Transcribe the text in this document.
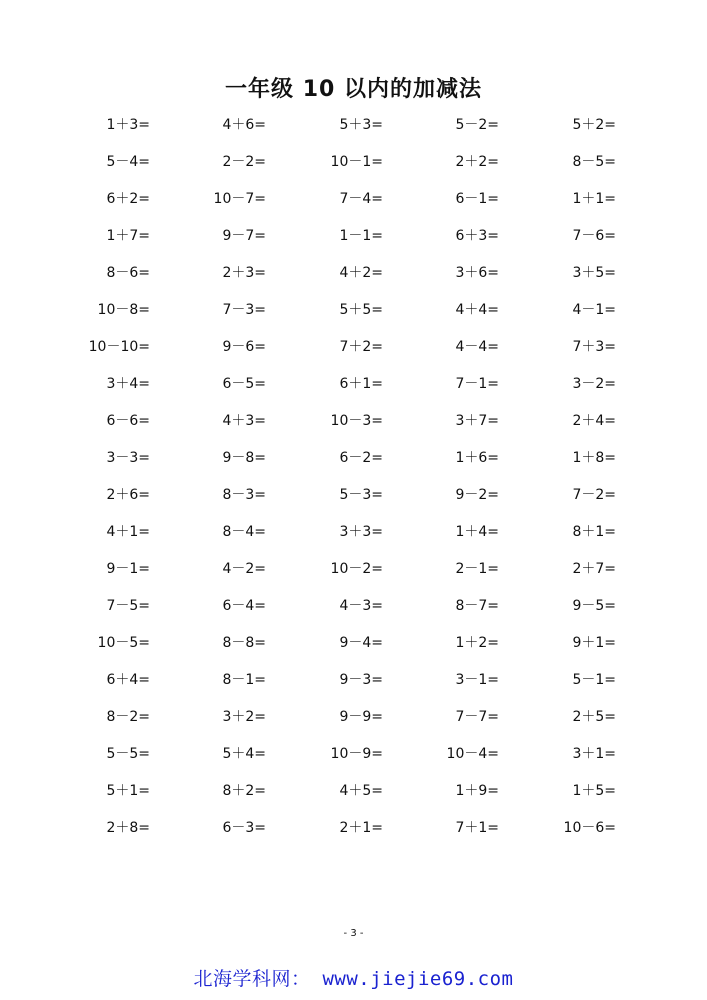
一年级 10 以内的加减法
1＋3=	4＋6=	5＋3=	5－2=	5＋2=
5－4=	2－2=	10－1=	2＋2=	8－5=
6＋2=	10－7=	7－4=	6－1=	1＋1=
1＋7=	9－7=	1－1=	6＋3=	7－6=
8－6=	2＋3=	4＋2=	3＋6=	3＋5=
10－8=	7－3=	5＋5=	4＋4=	4－1=
10－10=	9－6=	7＋2=	4－4=	7＋3=
3＋4=	6－5=	6＋1=	7－1=	3－2=
6－6=	4＋3=	10－3=	3＋7=	2＋4=
3－3=	9－8=	6－2=	1＋6=	1＋8=
2＋6=	8－3=	5－3=	9－2=	7－2=
4＋1=	8－4=	3＋3=	1＋4=	8＋1=
9－1=	4－2=	10－2=	2－1=	2＋7=
7－5=	6－4=	4－3=	8－7=	9－5=
10－5=	8－8=	9－4=	1＋2=	9＋1=
6＋4=	8－1=	9－3=	3－1=	5－1=
8－2=	3＋2=	9－9=	7－7=	2＋5=
5－5=	5＋4=	10－9=	10－4=	3＋1=
5＋1=	8＋2=	4＋5=	1＋9=	1＋5=
2＋8=	6－3=	2＋1=	7＋1=	10－6=
- 3 -
北海学科网： www.jiejie69.com
